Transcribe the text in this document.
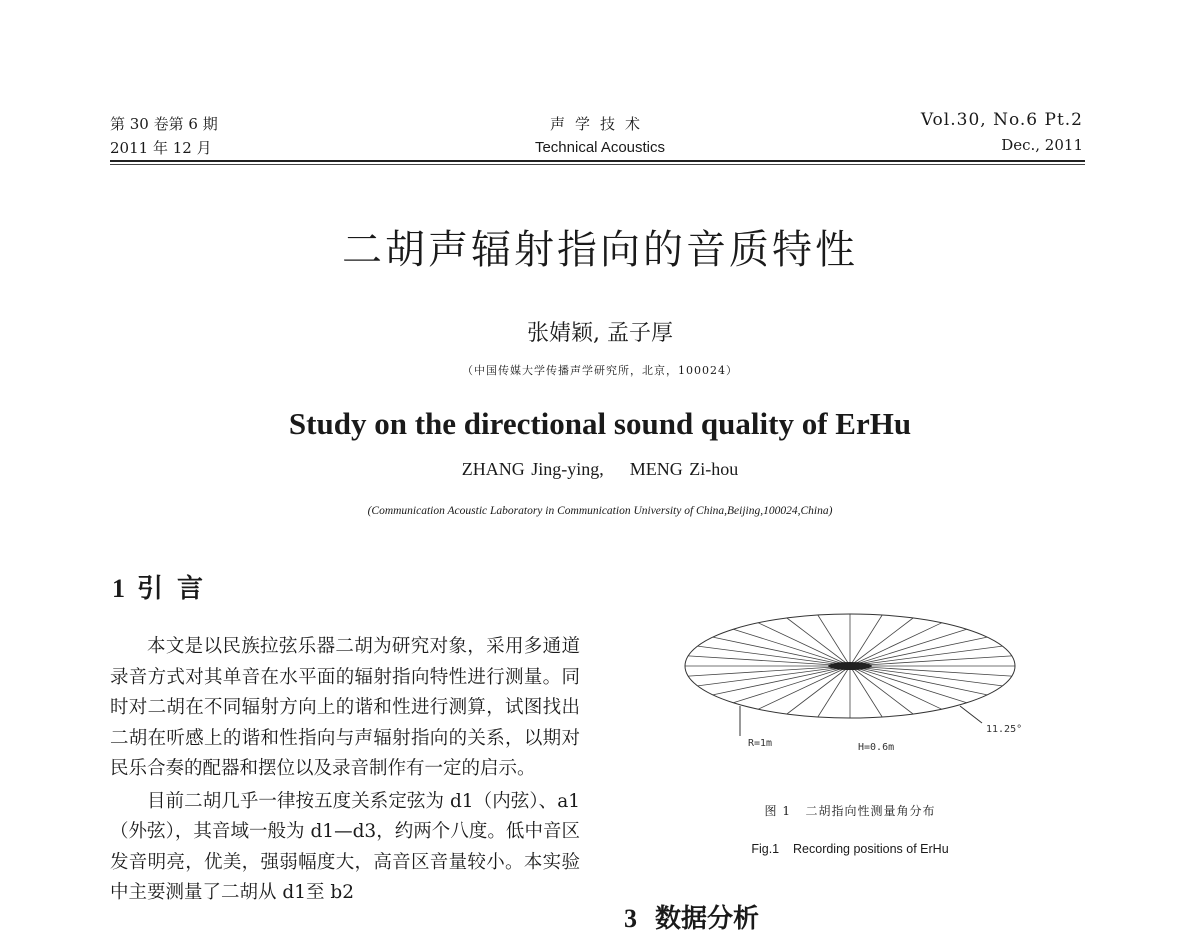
第 30 卷第 6 期
2011 年 12 月
声学技术
Technical Acoustics
Vol.30, No.6 Pt.2
Dec., 2011
二胡声辐射指向的音质特性
张婧颖, 孟子厚
（中国传媒大学传播声学研究所，北京，100024）
Study on the directional sound quality of ErHu
ZHANG Jing-ying,    MENG Zi-hou
(Communication Acoustic Laboratory in Communication University of China,Beijing,100024,China)
1 引言

本文是以民族拉弦乐器二胡为研究对象，采用多通道录音方式对其单音在水平面的辐射指向特性进行测量。同时对二胡在不同辐射方向上的谐和性进行测算，试图找出二胡在听感上的谐和性指向与声辐射指向的关系，以期对民乐合奏的配器和摆位以及录音制作有一定的启示。

目前二胡几乎一律按五度关系定弦为 d1（内弦）、a1（外弦），其音域一般为 d1—d3，约两个八度。低中音区发音明亮，优美，强弱幅度大，高音区音量较小。本实验中主要测量了二胡从 d1至 b2

11.25°
R=1m	H=0.6m
图 1   二胡指向性测量角分布
Fig.1    Recording positions of ErHu
3 数据分析
